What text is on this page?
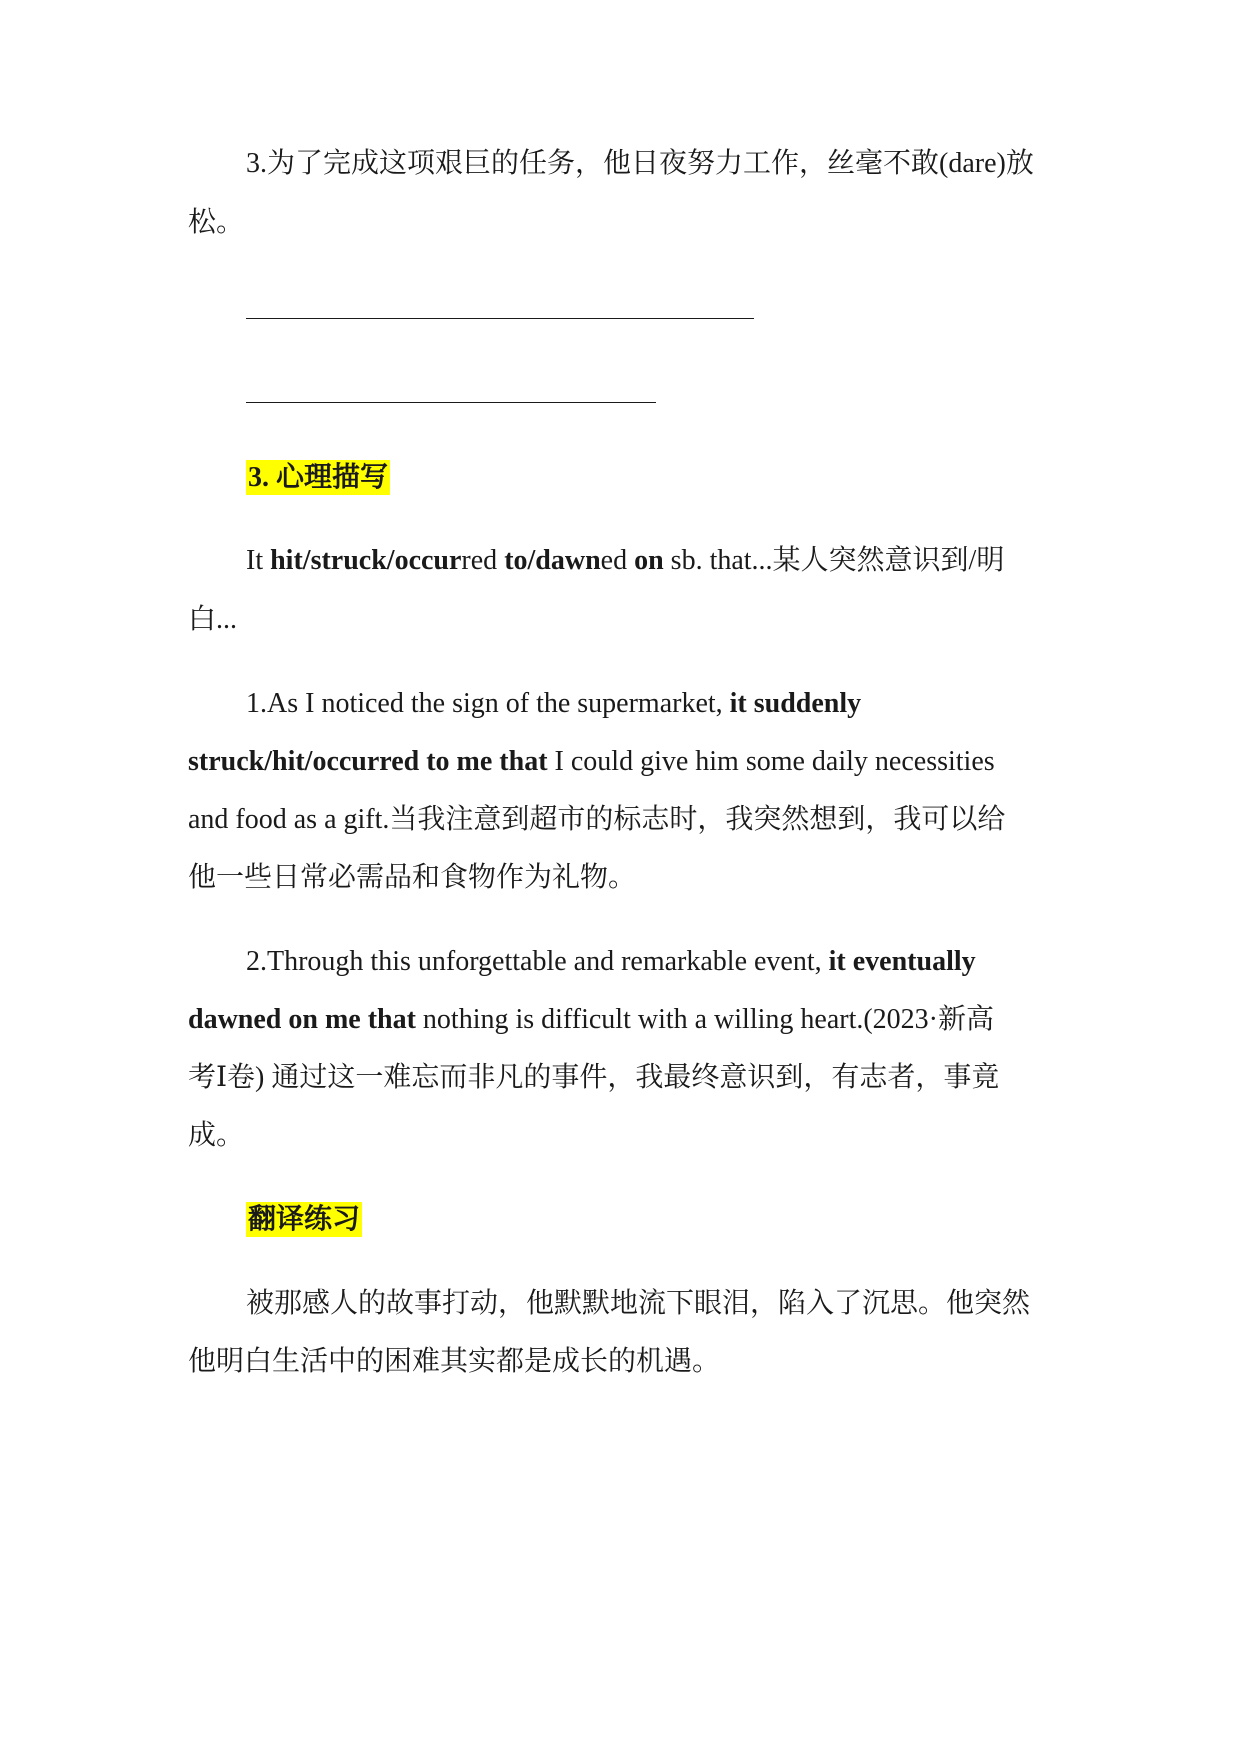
3.为了完成这项艰巨的任务，他日夜努力工作，丝毫不敢(dare)放
松。
3. 心理描写
It hit/struck/occurred to/dawned on sb. that...某人突然意识到/明
白...
1.As I noticed the sign of the supermarket, it suddenly
struck/hit/occurred to me that I could give him some daily necessities
and food as a gift.当我注意到超市的标志时，我突然想到，我可以给
他一些日常必需品和食物作为礼物。
2.Through this unforgettable and remarkable event, it eventually
dawned on me that nothing is difficult with a willing heart.(2023·新高
考Ⅰ卷) 通过这一难忘而非凡的事件，我最终意识到，有志者，事竟
成。
翻译练习
被那感人的故事打动，他默默地流下眼泪，陷入了沉思。他突然
他明白生活中的困难其实都是成长的机遇。
